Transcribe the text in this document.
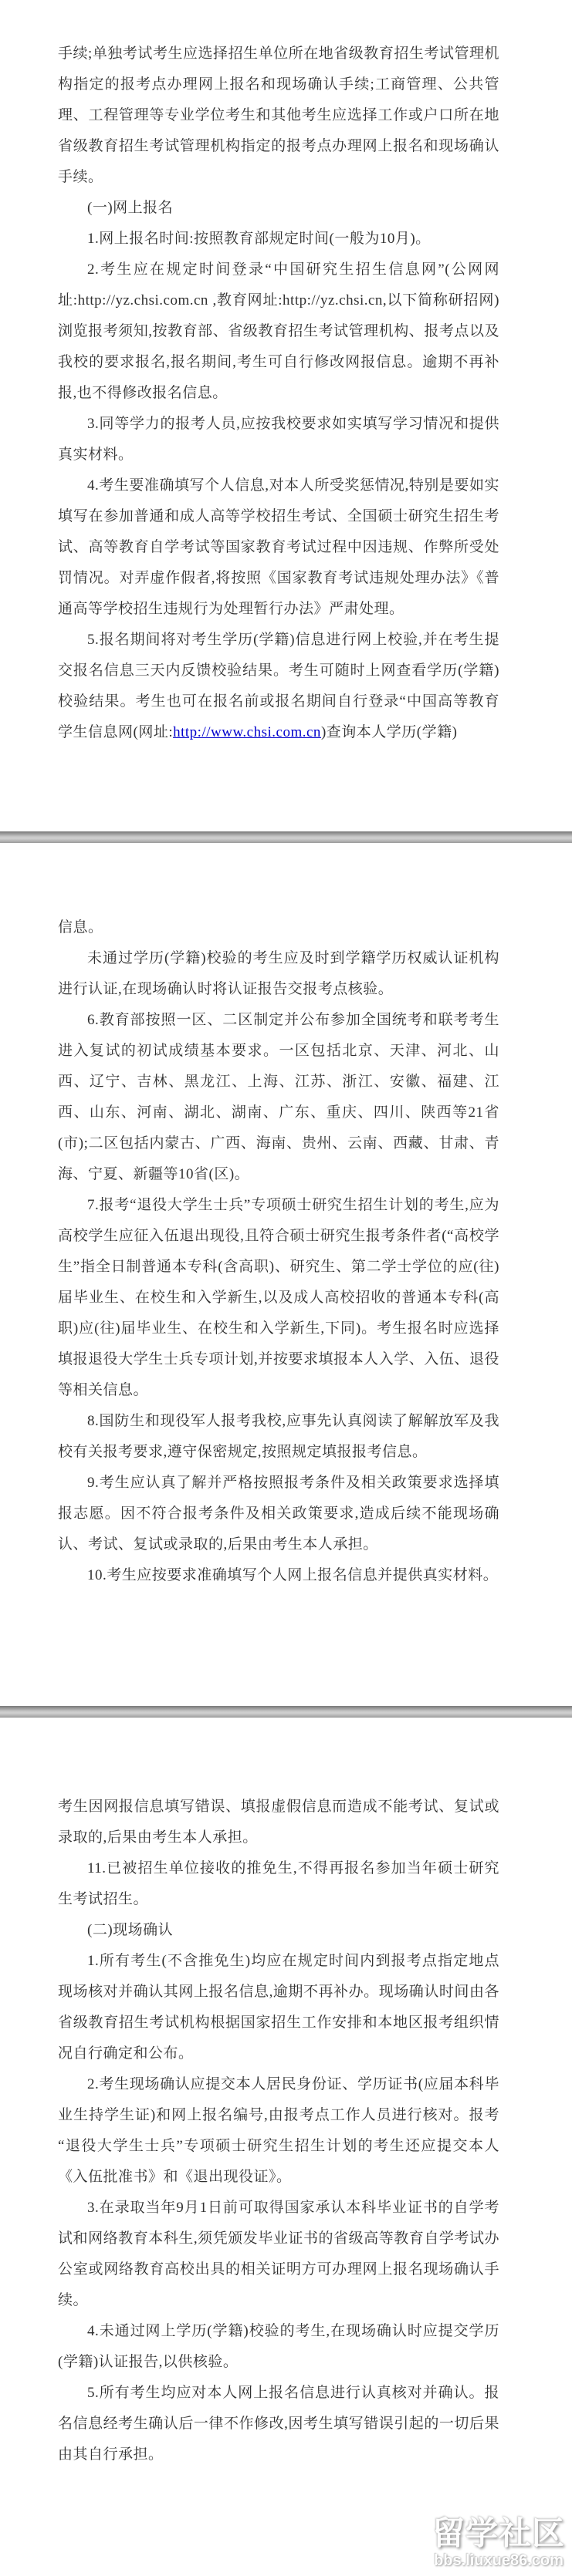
手续;单独考试考生应选择招生单位所在地省级教育招生考试管理机构指定的报考点办理网上报名和现场确认手续;工商管理、公共管理、工程管理等专业学位考生和其他考生应选择工作或户口所在地省级教育招生考试管理机构指定的报考点办理网上报名和现场确认手续。

(一)网上报名

1.网上报名时间:按照教育部规定时间(一般为10月)。

2.考生应在规定时间登录“中国研究生招生信息网”(公网网址:http://yz.chsi.com.cn ,教育网址:http://yz.chsi.cn,以下简称研招网)浏览报考须知,按教育部、省级教育招生考试管理机构、报考点以及我校的要求报名,报名期间,考生可自行修改网报信息。逾期不再补报,也不得修改报名信息。

3.同等学力的报考人员,应按我校要求如实填写学习情况和提供真实材料。

4.考生要准确填写个人信息,对本人所受奖惩情况,特别是要如实填写在参加普通和成人高等学校招生考试、全国硕士研究生招生考试、高等教育自学考试等国家教育考试过程中因违规、作弊所受处罚情况。对弄虚作假者,将按照《国家教育考试违规处理办法》《普通高等学校招生违规行为处理暂行办法》严肃处理。

5.报名期间将对考生学历(学籍)信息进行网上校验,并在考生提交报名信息三天内反馈校验结果。考生可随时上网查看学历(学籍)校验结果。考生也可在报名前或报名期间自行登录“中国高等教育学生信息网(网址:http://www.chsi.com.cn)查询本人学历(学籍)

信息。

未通过学历(学籍)校验的考生应及时到学籍学历权威认证机构进行认证,在现场确认时将认证报告交报考点核验。

6.教育部按照一区、二区制定并公布参加全国统考和联考考生进入复试的初试成绩基本要求。一区包括北京、天津、河北、山西、辽宁、吉林、黑龙江、上海、江苏、浙江、安徽、福建、江西、山东、河南、湖北、湖南、广东、重庆、四川、陕西等21省(市);二区包括内蒙古、广西、海南、贵州、云南、西藏、甘肃、青海、宁夏、新疆等10省(区)。

7.报考“退役大学生士兵”专项硕士研究生招生计划的考生,应为高校学生应征入伍退出现役,且符合硕士研究生报考条件者(“高校学生”指全日制普通本专科(含高职)、研究生、第二学士学位的应(往)届毕业生、在校生和入学新生,以及成人高校招收的普通本专科(高职)应(往)届毕业生、在校生和入学新生,下同)。考生报名时应选择填报退役大学生士兵专项计划,并按要求填报本人入学、入伍、退役等相关信息。

8.国防生和现役军人报考我校,应事先认真阅读了解解放军及我校有关报考要求,遵守保密规定,按照规定填报报考信息。

9.考生应认真了解并严格按照报考条件及相关政策要求选择填报志愿。因不符合报考条件及相关政策要求,造成后续不能现场确认、考试、复试或录取的,后果由考生本人承担。

10.考生应按要求准确填写个人网上报名信息并提供真实材料。

考生因网报信息填写错误、填报虚假信息而造成不能考试、复试或录取的,后果由考生本人承担。

11.已被招生单位接收的推免生,不得再报名参加当年硕士研究生考试招生。

(二)现场确认

1.所有考生(不含推免生)均应在规定时间内到报考点指定地点现场核对并确认其网上报名信息,逾期不再补办。现场确认时间由各省级教育招生考试机构根据国家招生工作安排和本地区报考组织情况自行确定和公布。

2.考生现场确认应提交本人居民身份证、学历证书(应届本科毕业生持学生证)和网上报名编号,由报考点工作人员进行核对。报考“退役大学生士兵”专项硕士研究生招生计划的考生还应提交本人《入伍批准书》和《退出现役证》。

3.在录取当年9月1日前可取得国家承认本科毕业证书的自学考试和网络教育本科生,须凭颁发毕业证书的省级高等教育自学考试办公室或网络教育高校出具的相关证明方可办理网上报名现场确认手续。

4.未通过网上学历(学籍)校验的考生,在现场确认时应提交学历(学籍)认证报告,以供核验。

5.所有考生均应对本人网上报名信息进行认真核对并确认。报名信息经考生确认后一律不作修改,因考生填写错误引起的一切后果由其自行承担。

留学社区
bbs.liuxue86.com
